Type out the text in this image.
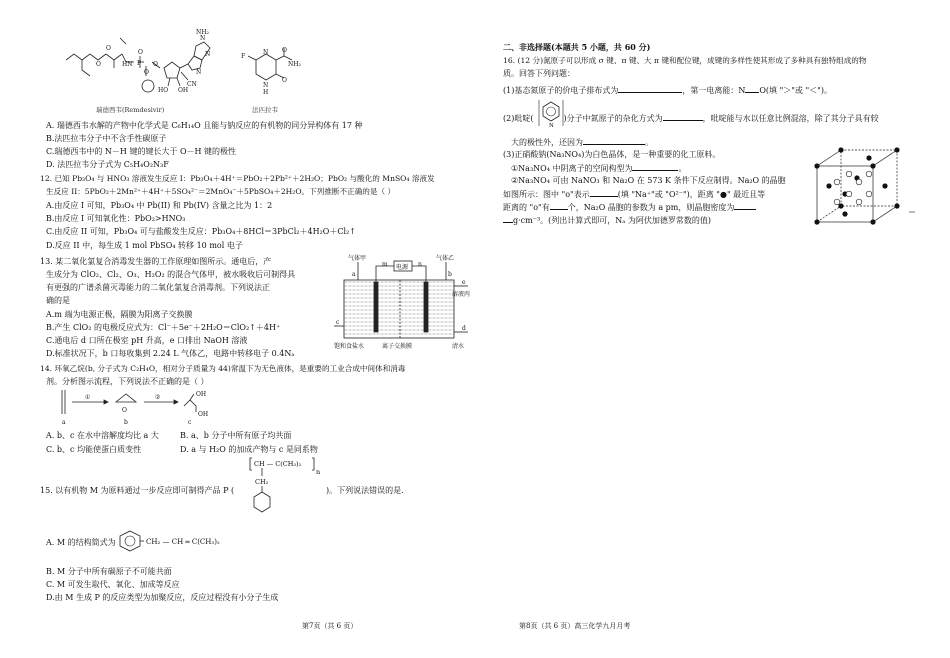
O
O	HN P
O
O
O
HO OH
CN
N
N
N
NH₂
瑞德西韦(Remdesivir)
F
N
N
H
O
O
NH₂
法匹拉韦
A. 瑞德西韦水解的产物中化学式是 C₆H₁₄O 且能与钠反应的有机物的同分异构体有 17 种
B.法匹拉韦分子中不含手性碳原子
C.瑞德西韦中的 N－H 键的键长大于 O－H 键的极性
D. 法匹拉韦分子式为 C₅H₄O₂N₃F
12. 已知 Pb₃O₄ 与 HNO₃ 溶液发生反应 I：Pb₃O₄＋4H⁺＝PbO₂＋2Pb²⁺＋2H₂O；PbO₂ 与酸化的 MnSO₄ 溶液发
生反应 II：5PbO₂＋2Mn²⁺＋4H⁺＋5SO₄²⁻＝2MnO₄⁻＋5PbSO₄＋2H₂O。下列推断不正确的是（ ）
A.由反应 I 可知，Pb₃O₄ 中 Pb(II) 和 Pb(IV) 含量之比为 1：2
B.由反应 I 可知氧化性：PbO₂>HNO₃
C.由反应 II 可知，Pb₃O₄ 可与盐酸发生反应：Pb₃O₄＋8HCl＝3PbCl₂＋4H₂O＋Cl₂↑
D.反应 II 中，每生成 1 mol PbSO₄ 转移 10 mol 电子
13. 某二氧化氯复合消毒发生器的工作原理如图所示。通电后，产
生成分为 ClO₂、Cl₂、O₃、H₂O₂ 的混合气体甲，被水吸收后可制得具
有更强的广谱杀菌灭毒能力的二氧化氯复合消毒剂。下列说法正
确的是
A.m 端为电源正极，隔膜为阳离子交换膜
B.产生 ClO₂ 的电极反应式为：Cl⁻＋5e⁻＋2H₂O＝ClO₂↑＋4H⁺
C.通电后 d 口所在极室 pH 升高，e 口排出 NaOH 溶液
D.标准状况下，b 口每收集到 2.24 L 气体乙，电路中转移电子 0.4Nₐ
气体甲
电源
气体乙
m	n
a	b
c
d
e
饱和食盐水	离子交换膜	清水
溶液丙
14. 环氧乙烷(b, 分子式为 C₂H₄O，相对分子质量为 44)常温下为无色液体，是重要的工业合成中间体和消毒
剂。分析图示流程，下列说法不正确的是（ ）
①	②
O
OH
OH
a	b	c
A. b、c 在水中溶解度均比 a 大	B. a、b 分子中所有原子均共面
C. b、c 均能使蛋白质变性	D. a 与 H₂O 的加成产物与 c 是同系物
15. 以有机物 M 为原料通过一步反应即可制得产品 P (	)。下列说法错误的是.
CH — C(CH₃)₂
CH₂
n
A. M 的结构简式为	CH₂ — CH ═ C(CH₃)₂
B. M 分子中所有碳原子不可能共面
C. M 可发生取代、氧化、加成等反应
D.由 M 生成 P 的反应类型为加聚反应，反应过程没有小分子生成
第7页（共 6 页）
二、非选择题(本题共 5 小题，共 60 分)
16. (12 分)氮原子可以形成 σ 键、π 键、大 π 键和配位键，成键的多样性使其形成了多种具有独特组成的物
质。回答下列问题：
(1)基态氮原子的价电子排布式为	，第一电离能：N O(填 "＞"或 "＜")。
(2)吡啶(	)分子中氮原子的杂化方式为	，吡啶能与水以任意比例混溶，除了其分子具有较
N
大的极性外，还因为	。
(3)正硝酸钠(Na₃NO₄)为白色晶体，是一种重要的化工原料。
①Na₃NO₄ 中阴离子的空间构型为	。
②Na₃NO₄ 可由 NaNO₃ 和 Na₂O 在 573 K 条件下反应制得。Na₂O 的晶胞
如图所示：图中 "o"表示	(填 "Na⁺"或 "O²⁻")，距离 "●" 最近且等
距离的 "o"有 个，Na₂O 晶胞的参数为 a pm，则晶胞密度为
g·cm⁻³。(列出计算式即可，Nₐ 为阿伏加德罗常数的值)
第8页（共 6 页）高三化学九月月考
